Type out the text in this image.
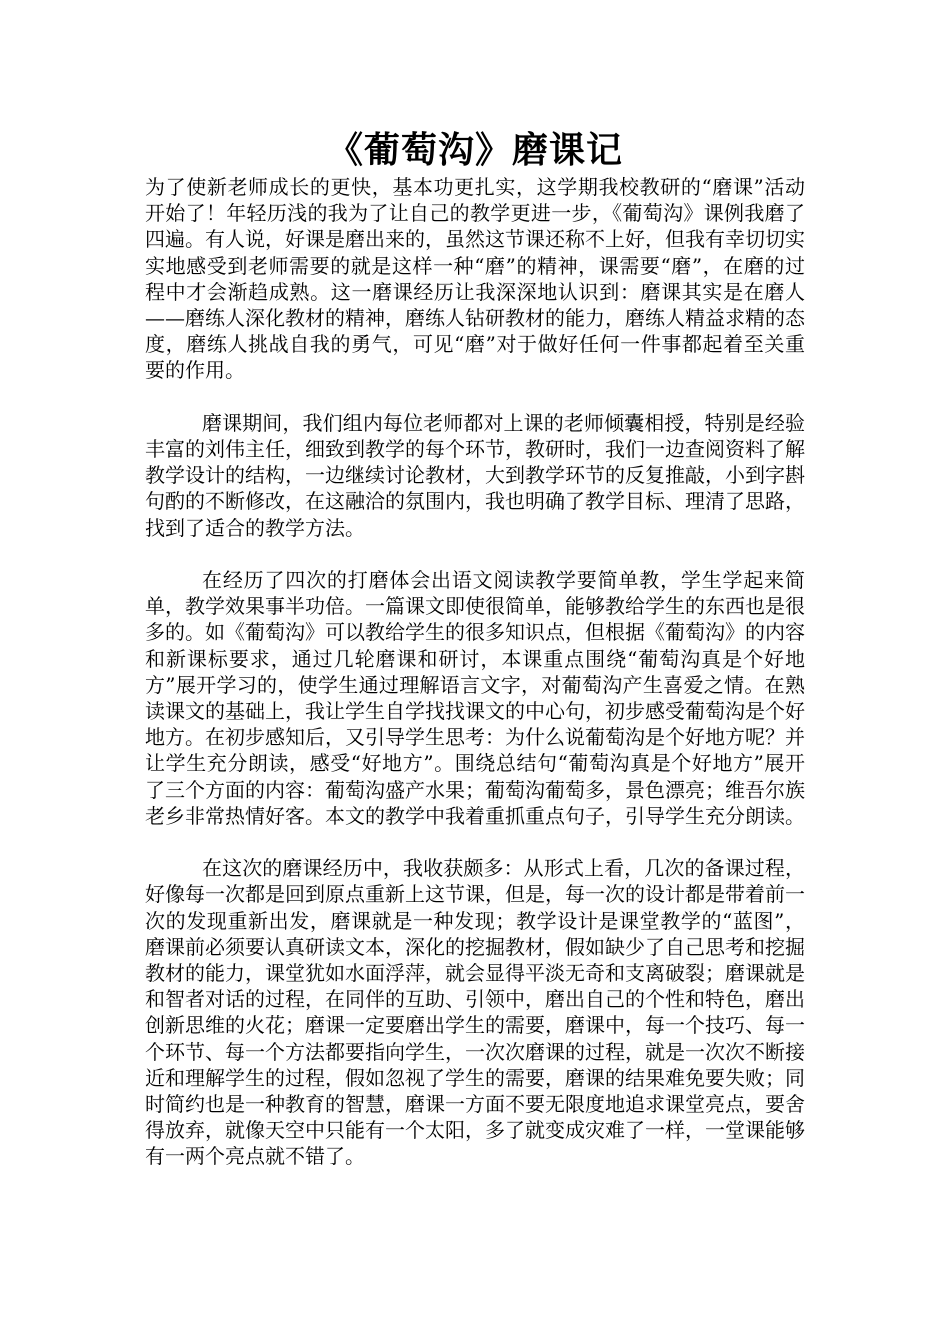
《葡萄沟》磨课记

为了使新老师成长的更快，基本功更扎实，这学期我校教研的“磨课”活动开始了！年轻历浅的我为了让自己的教学更进一步，《葡萄沟》课例我磨了四遍。有人说，好课是磨出来的，虽然这节课还称不上好，但我有幸切切实实地感受到老师需要的就是这样一种“磨”的精神，课需要“磨”，在磨的过程中才会渐趋成熟。这一磨课经历让我深深地认识到：磨课其实是在磨人——磨练人深化教材的精神，磨练人钻研教材的能力，磨练人精益求精的态度，磨练人挑战自我的勇气，可见“磨”对于做好任何一件事都起着至关重要的作用。

磨课期间，我们组内每位老师都对上课的老师倾囊相授，特别是经验丰富的刘伟主任，细致到教学的每个环节，教研时，我们一边查阅资料了解教学设计的结构，一边继续讨论教材，大到教学环节的反复推敲，小到字斟句酌的不断修改，在这融洽的氛围内，我也明确了教学目标、理清了思路，找到了适合的教学方法。

在经历了四次的打磨体会出语文阅读教学要简单教，学生学起来简单，教学效果事半功倍。一篇课文即使很简单，能够教给学生的东西也是很多的。如《葡萄沟》可以教给学生的很多知识点，但根据《葡萄沟》的内容和新课标要求，通过几轮磨课和研讨，本课重点围绕“葡萄沟真是个好地方”展开学习的，使学生通过理解语言文字，对葡萄沟产生喜爱之情。在熟读课文的基础上，我让学生自学找找课文的中心句，初步感受葡萄沟是个好地方。在初步感知后，又引导学生思考：为什么说葡萄沟是个好地方呢？并让学生充分朗读，感受“好地方”。围绕总结句“葡萄沟真是个好地方”展开了三个方面的内容：葡萄沟盛产水果；葡萄沟葡萄多，景色漂亮；维吾尔族老乡非常热情好客。本文的教学中我着重抓重点句子，引导学生充分朗读。

在这次的磨课经历中，我收获颇多：从形式上看，几次的备课过程，好像每一次都是回到原点重新上这节课，但是，每一次的设计都是带着前一次的发现重新出发，磨课就是一种发现；教学设计是课堂教学的“蓝图”，磨课前必须要认真研读文本，深化的挖掘教材，假如缺少了自己思考和挖掘教材的能力，课堂犹如水面浮萍，就会显得平淡无奇和支离破裂；磨课就是和智者对话的过程，在同伴的互助、引领中，磨出自己的个性和特色，磨出创新思维的火花；磨课一定要磨出学生的需要，磨课中，每一个技巧、每一个环节、每一个方法都要指向学生，一次次磨课的过程，就是一次次不断接近和理解学生的过程，假如忽视了学生的需要，磨课的结果难免要失败；同时简约也是一种教育的智慧，磨课一方面不要无限度地追求课堂亮点，要舍得放弃，就像天空中只能有一个太阳，多了就变成灾难了一样，一堂课能够有一两个亮点就不错了。
